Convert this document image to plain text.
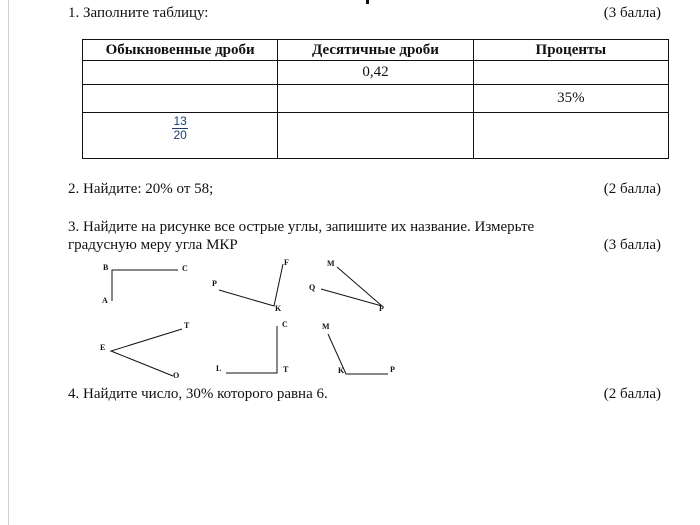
1. Заполните таблицу:	(3 балла)
Обыкновенные дроби	Десятичные дроби	Проценты
	0,42	
		35%

$\frac{13}{20}$

2. Найдите: 20% от 58;	(2 балла)
3. Найдите на рисунке все острые углы, запишите их название. Измерьте
градусную меру угла МКР	(3 балла)
B	C
A
F
P
K
M
Q
P
T
E
O
C
L	T
M
K	P
4. Найдите число, 30% которого равна 6.	(2 балла)
